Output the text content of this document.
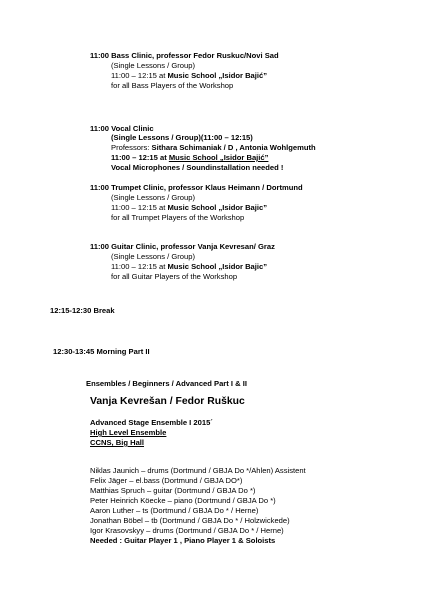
11:00 Bass Clinic, professor Fedor Ruskuc/Novi Sad
(Single Lessons / Group)
11:00 – 12:15 at Music School „Isidor Bajić”
for all Bass Players of the Workshop
11:00 Vocal Clinic
(Single Lessons / Group)(11:00 – 12:15)
Professors: Sithara Schimaniak / D , Antonia Wohlgemuth
11:00 – 12:15 at Music School „Isidor Bajić”
Vocal Microphones / Soundinstallation needed !
11:00 Trumpet Clinic, professor Klaus Heimann / Dortmund
(Single Lessons / Group)
11:00 – 12:15 at Music School „Isidor Bajic”
for all Trumpet Players of the Workshop
11:00 Guitar Clinic, professor Vanja Kevresan/ Graz
(Single Lessons / Group)
11:00 – 12:15 at Music School „Isidor Bajic”
for all Guitar Players of the Workshop
12:15-12:30 Break
12:30-13:45 Morning Part II
Ensembles / Beginners / Advanced Part I & II
Vanja Kevrešan / Fedor Ruškuc
Advanced Stage Ensemble I 2015´
High Level Ensemble
CCNS, Big Hall
Niklas Jaunich – drums (Dortmund / GBJA Do */Ahlen) Assistent
Felix Jäger – el.bass (Dortmund / GBJA DO*)
Matthias Spruch – guitar (Dortmund / GBJA Do *)
Peter Heinrich Köecke – piano (Dortmund / GBJA Do *)
Aaron Luther – ts (Dortmund / GBJA Do * / Herne)
Jonathan Böbel – tb (Dortmund / GBJA Do * / Holzwickede)
Igor Krasovskyy – drums (Dortmund / GBJA Do * / Herne)
Needed : Guitar Player 1 , Piano Player 1 & Soloists
